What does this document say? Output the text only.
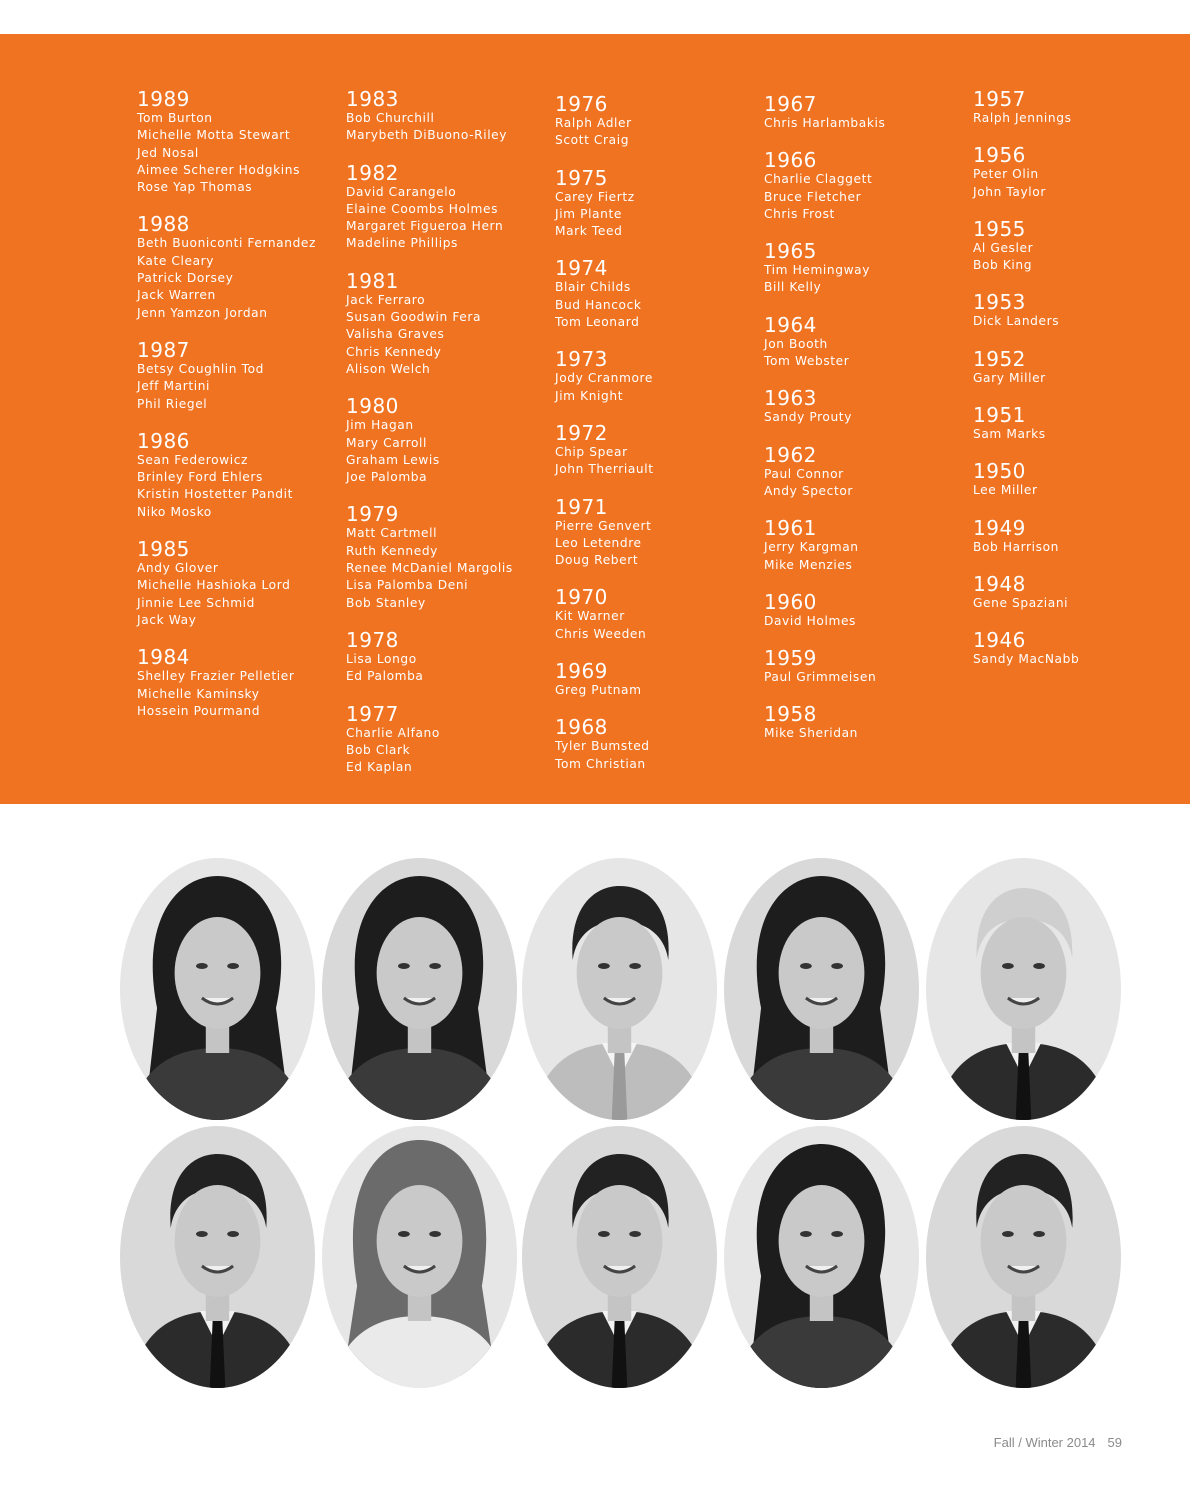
1989
Tom Burton
Michelle Motta Stewart
Jed Nosal
Aimee Scherer Hodgkins
Rose Yap Thomas
1988
Beth Buoniconti Fernandez
Kate Cleary
Patrick Dorsey
Jack Warren
Jenn Yamzon Jordan
1987
Betsy Coughlin Tod
Jeff Martini
Phil Riegel
1986
Sean Federowicz
Brinley Ford Ehlers
Kristin Hostetter Pandit
Niko Mosko
1985
Andy Glover
Michelle Hashioka Lord
Jinnie Lee Schmid
Jack Way
1984
Shelley Frazier Pelletier
Michelle Kaminsky
Hossein Pourmand
1983
Bob Churchill
Marybeth DiBuono-Riley
1982
David Carangelo
Elaine Coombs Holmes
Margaret Figueroa Hern
Madeline Phillips
1981
Jack Ferraro
Susan Goodwin Fera
Valisha Graves
Chris Kennedy
Alison Welch
1980
Jim Hagan
Mary Carroll
Graham Lewis
Joe Palomba
1979
Matt Cartmell
Ruth Kennedy
Renee McDaniel Margolis
Lisa Palomba Deni
Bob Stanley
1978
Lisa Longo
Ed Palomba
1977
Charlie Alfano
Bob Clark
Ed Kaplan
1976
Ralph Adler
Scott Craig
1975
Carey Fiertz
Jim Plante
Mark Teed
1974
Blair Childs
Bud Hancock
Tom Leonard
1973
Jody Cranmore
Jim Knight
1972
Chip Spear
John Therriault
1971
Pierre Genvert
Leo Letendre
Doug Rebert
1970
Kit Warner
Chris Weeden
1969
Greg Putnam
1968
Tyler Bumsted
Tom Christian
1967
Chris Harlambakis
1966
Charlie Claggett
Bruce Fletcher
Chris Frost
1965
Tim Hemingway
Bill Kelly
1964
Jon Booth
Tom Webster
1963
Sandy Prouty
1962
Paul Connor
Andy Spector
1961
Jerry Kargman
Mike Menzies
1960
David Holmes
1959
Paul Grimmeisen
1958
Mike Sheridan
1957
Ralph Jennings
1956
Peter Olin
John Taylor
1955
Al Gesler
Bob King
1953
Dick Landers
1952
Gary Miller
1951
Sam Marks
1950
Lee Miller
1949
Bob Harrison
1948
Gene Spaziani
1946
Sandy MacNabb
Fall / Winter 2014 59
